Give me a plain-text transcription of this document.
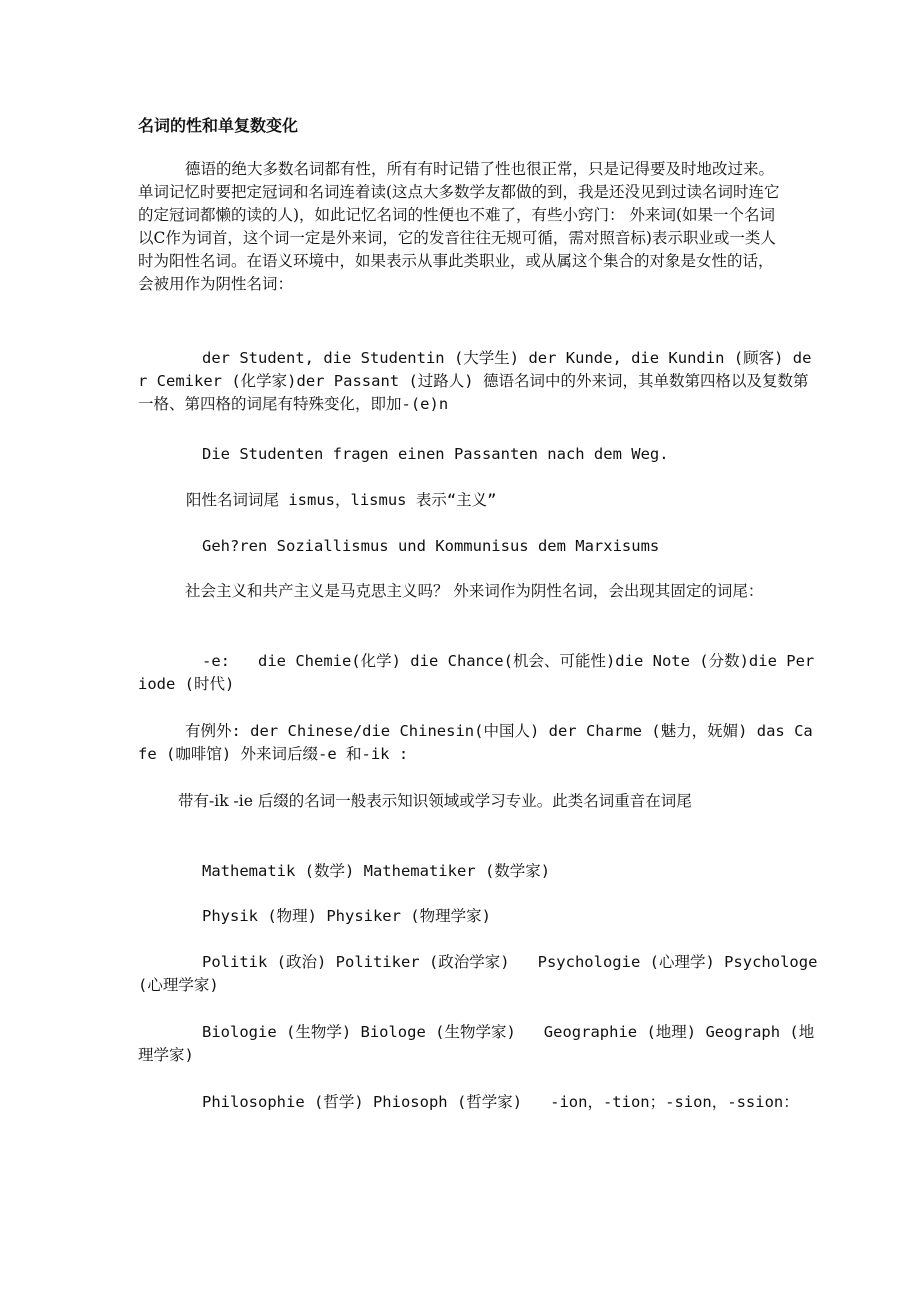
名词的性和单复数变化

德语的绝大多数名词都有性，所有有时记错了性也很正常，只是记得要及时地改过来。单词记忆时要把定冠词和名词连着读(这点大多数学友都做的到，我是还没见到过读名词时连它的定冠词都懒的读的人)，如此记忆名词的性便也不难了，有些小窍门： 外来词(如果一个名词以C作为词首，这个词一定是外来词，它的发音往往无规可循，需对照音标)表示职业或一类人时为阳性名词。在语义环境中，如果表示从事此类职业，或从属这个集合的对象是女性的话，会被用作为阴性名词：

der Student, die Studentin (大学生) der Kunde, die Kundin (顾客) der Cemiker (化学家)der Passant (过路人) 德语名词中的外来词，其单数第四格以及复数第一格、第四格的词尾有特殊变化，即加-(e)n

Die Studenten fragen einen Passanten nach dem Weg.

阳性名词词尾 ismus，lismus 表示“主义”

Geh?ren Soziallismus und Kommunisus dem Marxisums

社会主义和共产主义是马克思主义吗？ 外来词作为阴性名词，会出现其固定的词尾：

-e:   die Chemie(化学) die Chance(机会、可能性)die Note (分数)die Periode (时代)

有例外: der Chinese/die Chinesin(中国人) der Charme (魅力，妩媚) das Cafe (咖啡馆) 外来词后缀-e 和-ik :

带有-ik -ie 后缀的名词一般表示知识领域或学习专业。此类名词重音在词尾

Mathematik (数学) Mathematiker (数学家)

Physik (物理) Physiker (物理学家)

Politik (政治) Politiker (政治学家)   Psychologie (心理学) Psychologe (心理学家)

Biologie (生物学) Biologe (生物学家)   Geographie (地理) Geograph (地理学家)

Philosophie (哲学) Phiosoph (哲学家)   -ion，-tion；-sion，-ssion：
